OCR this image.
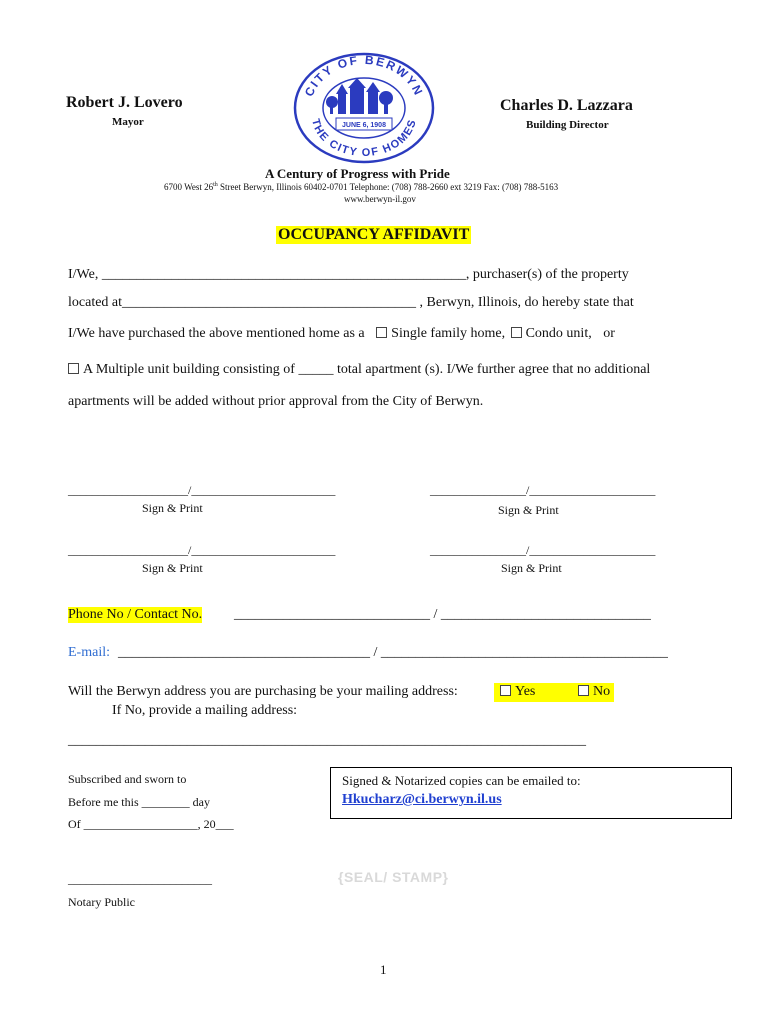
Robert J. Lovero
Mayor
Charles D. Lazzara
Building Director
CITY OF BERWYN
THE CITY OF HOMES
JUNE 6, 1908
A Century of Progress with Pride
6700 West 26th Street Berwyn, Illinois 60402-0701 Telephone: (708) 788-2660 ext 3219 Fax: (708) 788-5163
www.berwyn-il.gov
OCCUPANCY AFFIDAVIT
I/We, ____________________________________________________, purchaser(s) of the property
located at__________________________________________ , Berwyn, Illinois, do hereby state that
I/We have purchased the above mentioned home as a Single family home, Condo unit, or
A Multiple unit building consisting of _____ total apartment (s). I/We further agree that no additional
apartments will be added without prior approval from the City of Berwyn.
____________________/________________________	________________/_____________________
Sign & Print	Sign & Print
____________________/________________________	________________/_____________________
Sign & Print	Sign & Print
Phone No / Contact No. ____________________________ / ______________________________
E-mail: ____________________________________ / _________________________________________
Will the Berwyn address you are purchasing be your mailing address:	Yes	No
If No, provide a mailing address:
__________________________________________________________________________
Subscribed and sworn to
Before me this ________ day
Of ___________________, 20___
Signed & Notarized copies can be emailed to:
Hkucharz@ci.berwyn.il.us
{SEAL/ STAMP}
________________________
Notary Public
1
